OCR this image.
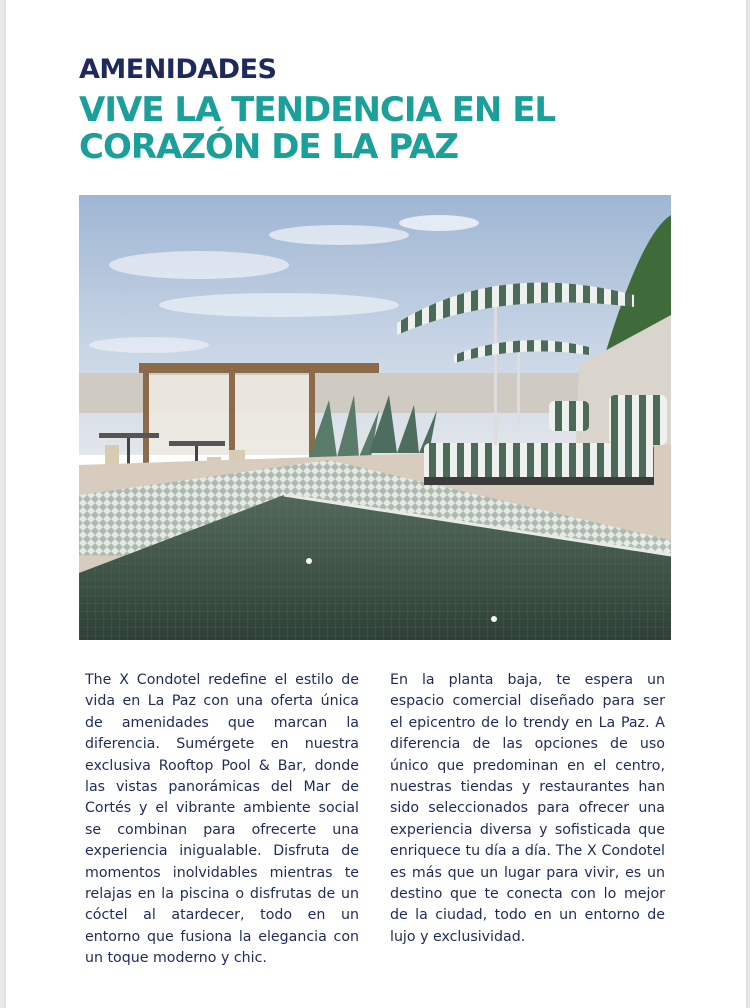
AMENIDADES
VIVE LA TENDENCIA EN EL
CORAZÓN DE LA PAZ

The X Condotel redefine el estilo de vida en La Paz con una oferta única de amenidades que marcan la diferencia. Sumérgete en nuestra exclusiva Rooftop Pool & Bar, donde las vistas panorámicas del Mar de Cortés y el vibrante ambiente social se combinan para ofrecerte una experiencia inigualable. Disfruta de momentos inolvidables mientras te relajas en la piscina o disfrutas de un cóctel al atardecer, todo en un entorno que fusiona la elegancia con un toque moderno y chic.

En la planta baja, te espera un espacio comercial diseñado para ser el epicentro de lo trendy en La Paz. A diferencia de las opciones de uso único que predominan en el centro, nuestras tiendas y restaurantes han sido seleccionados para ofrecer una experiencia diversa y sofisticada que enriquece tu día a día. The X Condotel es más que un lugar para vivir, es un destino que te conecta con lo mejor de la ciudad, todo en un entorno de lujo y exclusividad.
